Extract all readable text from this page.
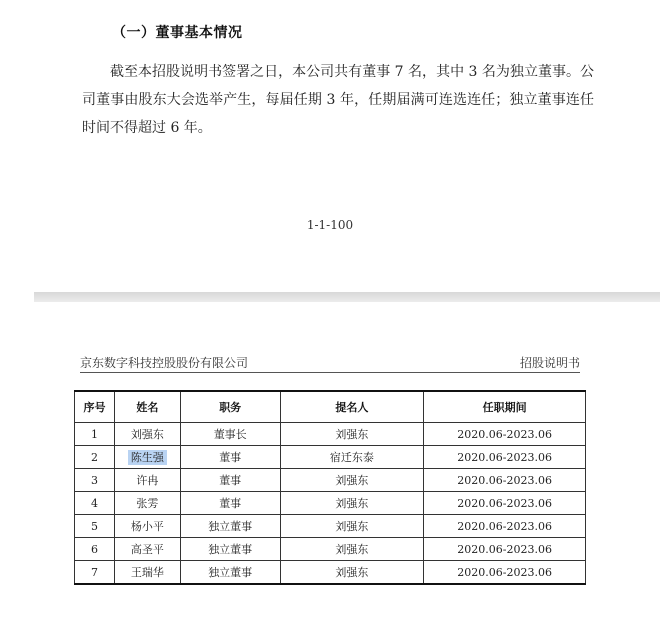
（一）董事基本情况
截至本招股说明书签署之日，本公司共有董事 7 名，其中 3 名为独立董事。公司董事由股东大会选举产生，每届任期 3 年，任期届满可连选连任；独立董事连任时间不得超过 6 年。
1-1-100
京东数字科技控股股份有限公司	招股说明书
序号	姓名	职务	提名人	任职期间
1	刘强东	董事长	刘强东	2020.06-2023.06
2	陈生强	董事	宿迁东泰	2020.06-2023.06
3	许冉	董事	刘强东	2020.06-2023.06
4	张雱	董事	刘强东	2020.06-2023.06
5	杨小平	独立董事	刘强东	2020.06-2023.06
6	高圣平	独立董事	刘强东	2020.06-2023.06
7	王瑞华	独立董事	刘强东	2020.06-2023.06
